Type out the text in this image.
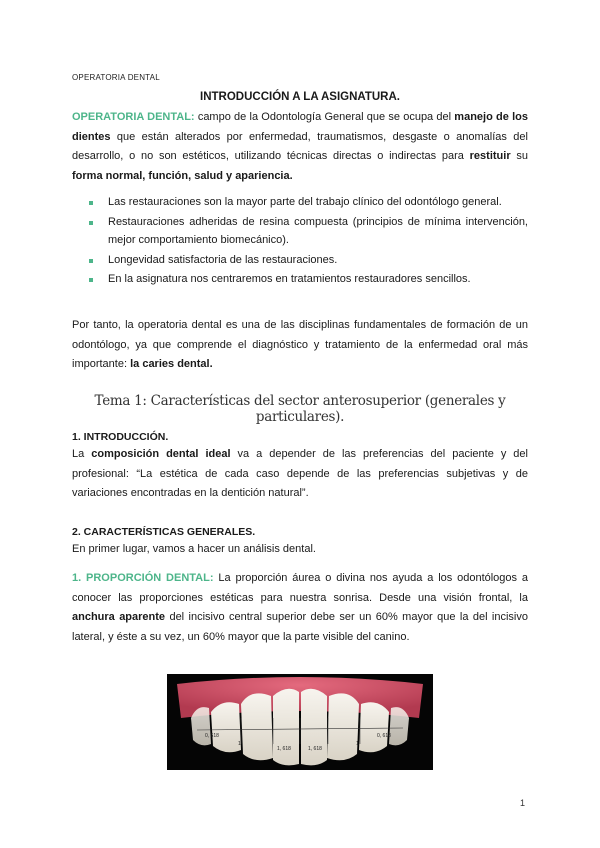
OPERATORIA DENTAL
INTRODUCCIÓN A LA ASIGNATURA.

OPERATORIA DENTAL: campo de la Odontología General que se ocupa del manejo de los dientes que están alterados por enfermedad, traumatismos, desgaste o anomalías del desarrollo, o no son estéticos, utilizando técnicas directas o indirectas para restituir su forma normal, función, salud y apariencia.

Las restauraciones son la mayor parte del trabajo clínico del odontólogo general.
Restauraciones adheridas de resina compuesta (principios de mínima intervención, mejor comportamiento biomecánico).
Longevidad satisfactoria de las restauraciones.
En la asignatura nos centraremos en tratamientos restauradores sencillos.

Por tanto, la operatoria dental es una de las disciplinas fundamentales de formación de un odontólogo, ya que comprende el diagnóstico y tratamiento de la enfermedad oral más importante: la caries dental.

Tema 1: Características del sector anterosuperior (generales y particulares).
1. INTRODUCCIÓN.

La composición dental ideal va a depender de las preferencias del paciente y del profesional: “La estética de cada caso depende de las preferencias subjetivas y de variaciones encontradas en la dentición natural”.

2. CARACTERÍSTICAS GENERALES.

En primer lugar, vamos a hacer un análisis dental.

1. PROPORCIÓN DENTAL: La proporción áurea o divina nos ayuda a los odontólogos a conocer las proporciones estéticas para nuestra sonrisa. Desde una visión frontal, la anchura aparente del incisivo central superior debe ser un 60% mayor que la del incisivo lateral, y éste a su vez, un 60% mayor que la parte visible del canino.

0, 618
1
1, 618	1, 618
1
0, 618
1
